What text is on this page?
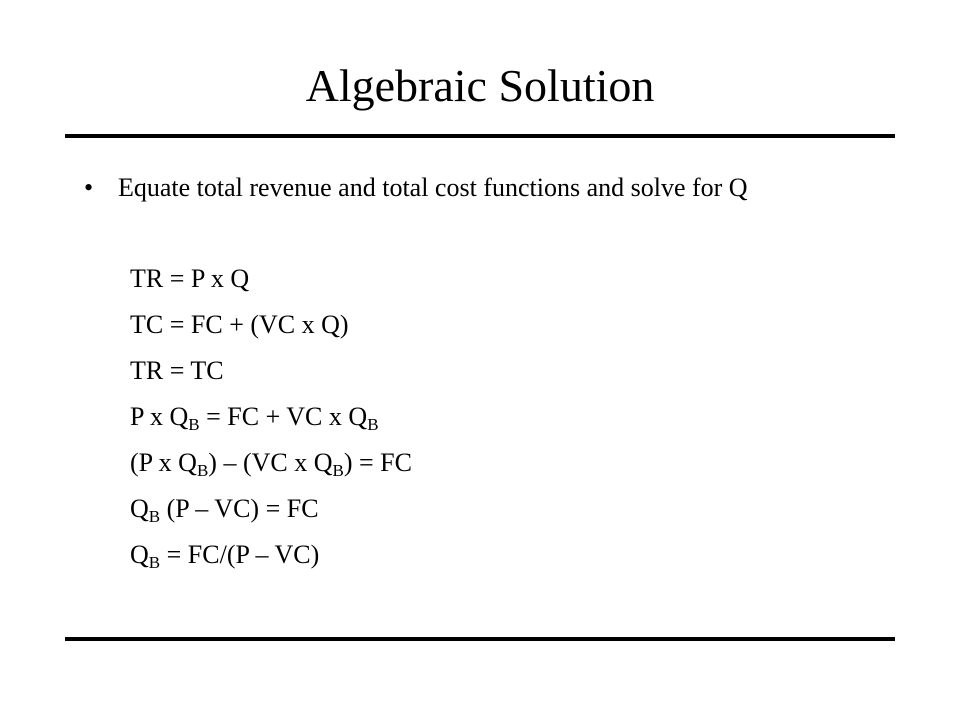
Algebraic Solution
• Equate total revenue and total cost functions and solve for Q
TR = P x Q
TC = FC + (VC x Q)
TR = TC
P x $Q_B$ = FC + VC x $Q_B$
(P x $Q_B) - (VC$ x $Q_B$) = FC
$Q_B$ (P – VC) = FC
$Q_B = FC/(P - VC)$
